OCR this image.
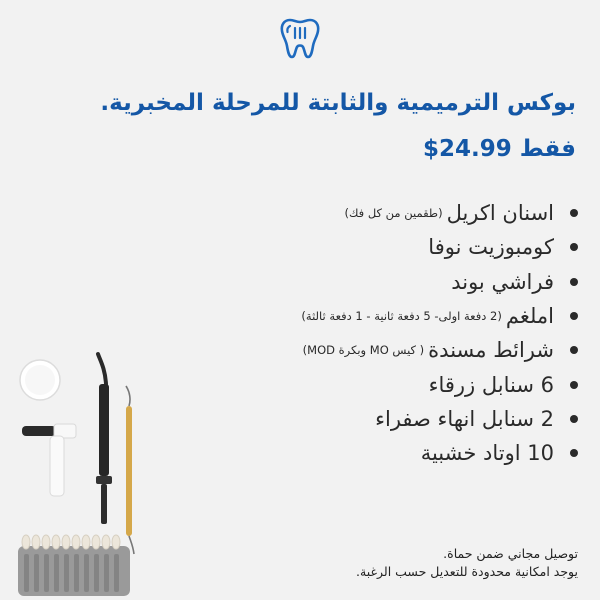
بوكس الترميمية والثابتة للمرحلة المخبرية.
فقط $24.99
اسنان اكريل
(طقمين من كل فك)
كومبوزيت نوفا
فراشي بوند
املغم
(2 دفعة اولى- 5 دفعة ثانية - 1 دفعة ثالثة)
شرائط مسندة
( كيس MO وبكرة MOD)
6 سنابل زرقاء
2 سنابل انهاء صفراء
10 اوتاد خشبية
توصيل مجاني ضمن حماة.
يوجد امكانية محدودة للتعديل حسب الرغبة.
